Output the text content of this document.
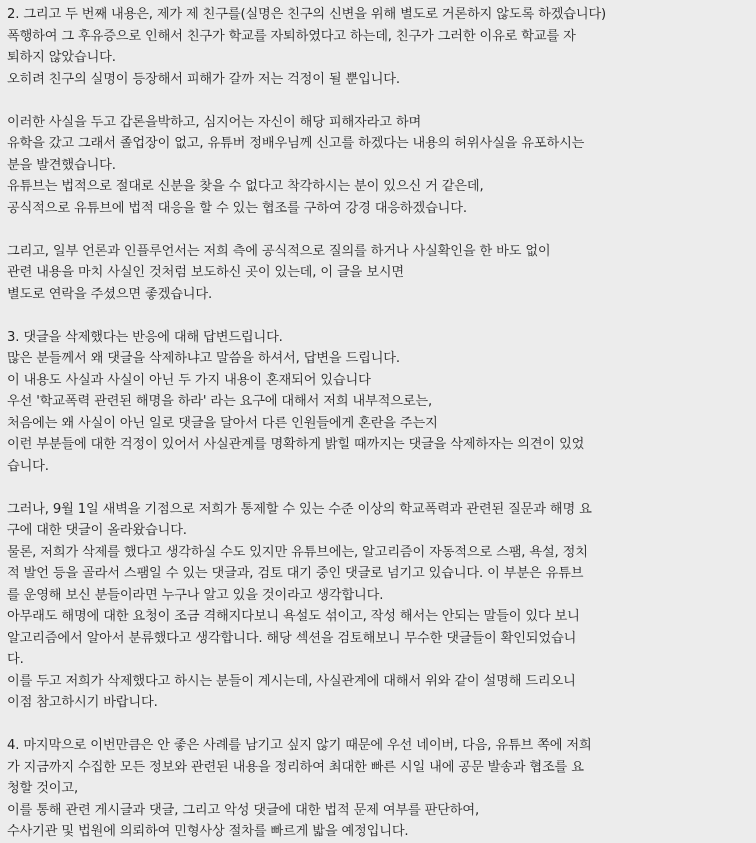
2. 그리고 두 번째 내용은, 제가 제 친구를(실명은 친구의 신변을 위해 별도로 거론하지 않도록 하겠습니다)
폭행하여 그 후유증으로 인해서 친구가 학교를 자퇴하였다고 하는데, 친구가 그러한 이유로 학교를 자
퇴하지 않았습니다.
오히려 친구의 실명이 등장해서 피해가 갈까 저는 걱정이 될 뿐입니다.
이러한 사실을 두고 갑론을박하고, 심지어는 자신이 해당 피해자라고 하며
유학을 갔고 그래서 졸업장이 없고, 유튜버 정배우님께 신고를 하겠다는 내용의 허위사실을 유포하시는
분을 발견했습니다.
유튜브는 법적으로 절대로 신분을 찾을 수 없다고 착각하시는 분이 있으신 거 같은데,
공식적으로 유튜브에 법적 대응을 할 수 있는 협조를 구하여 강경 대응하겠습니다.
그리고, 일부 언론과 인플루언서는 저희 측에 공식적으로 질의를 하거나 사실확인을 한 바도 없이
관련 내용을 마치 사실인 것처럼 보도하신 곳이 있는데, 이 글을 보시면
별도로 연락을 주셨으면 좋겠습니다.
3. 댓글을 삭제했다는 반응에 대해 답변드립니다.
많은 분들께서 왜 댓글을 삭제하냐고 말씀을 하셔서, 답변을 드립니다.
이 내용도 사실과 사실이 아닌 두 가지 내용이 혼재되어 있습니다
우선 '학교폭력 관련된 해명을 하라' 라는 요구에 대해서 저희 내부적으로는,
처음에는 왜 사실이 아닌 일로 댓글을 달아서 다른 인원들에게 혼란을 주는지
이런 부분들에 대한 걱정이 있어서 사실관계를 명확하게 밝힐 때까지는 댓글을 삭제하자는 의견이 있었
습니다.
그러나, 9월 1일 새벽을 기점으로 저희가 통제할 수 있는 수준 이상의 학교폭력과 관련된 질문과 해명 요
구에 대한 댓글이 올라왔습니다.
물론, 저희가 삭제를 했다고 생각하실 수도 있지만 유튜브에는, 알고리즘이 자동적으로 스팸, 욕설, 정치
적 발언 등을 골라서 스팸일 수 있는 댓글과, 검토 대기 중인 댓글로 넘기고 있습니다. 이 부분은 유튜브
를 운영해 보신 분들이라면 누구나 알고 있을 것이라고 생각합니다.
아무래도 해명에 대한 요청이 조금 격해지다보니 욕설도 섞이고, 작성 해서는 안되는 말들이 있다 보니
알고리즘에서 알아서 분류했다고 생각합니다. 해당 섹션을 검토해보니 무수한 댓글들이 확인되었습니
다.
이를 두고 저희가 삭제했다고 하시는 분들이 계시는데, 사실관계에 대해서 위와 같이 설명해 드리오니
이점 참고하시기 바랍니다.
4. 마지막으로 이번만큼은 안 좋은 사례를 남기고 싶지 않기 때문에 우선 네이버, 다음, 유튜브 쪽에 저희
가 지금까지 수집한 모든 정보와 관련된 내용을 정리하여 최대한 빠른 시일 내에 공문 발송과 협조를 요
청할 것이고,
이를 통해 관련 게시글과 댓글, 그리고 악성 댓글에 대한 법적 문제 여부를 판단하여,
수사기관 및 법원에 의뢰하여 민형사상 절차를 빠르게 밟을 예정입니다.
